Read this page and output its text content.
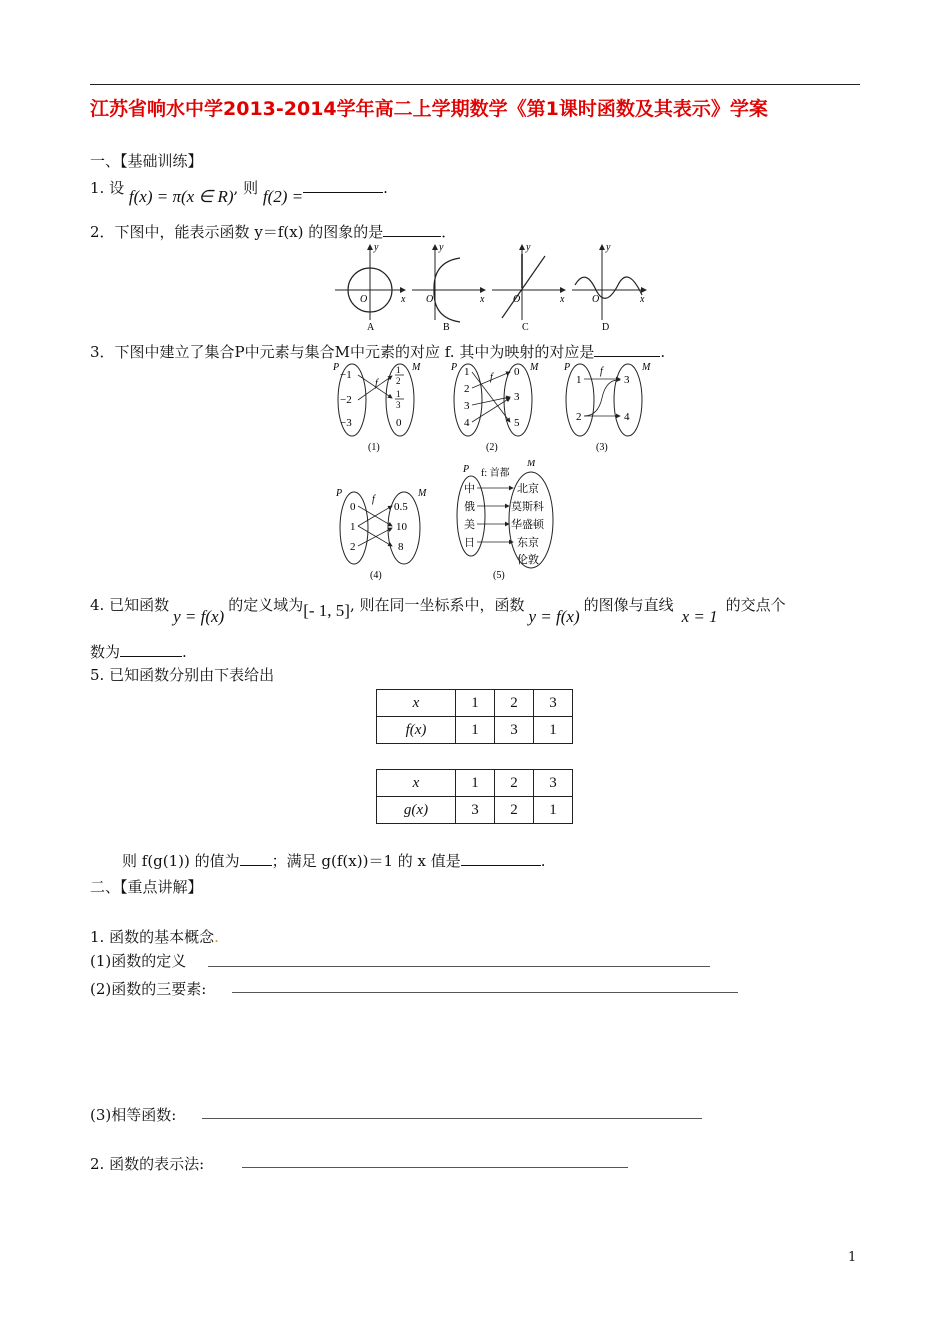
江苏省响水中学2013-2014学年高二上学期数学《第1课时函数及其表示》学案
一、【基础训练】
1. 设 f(x) = π(x ∈ R), 则 f(2) =	.
2．下图中，能表示函数 y＝f(x) 的图象的是	．
O	x
y
A
O	x
y
B
O	x
y
C
O	x
y
D
3．下图中建立了集合P中元素与集合M中元素的对应 f. 其中为映射的对应是	.
P	M
−1
−2
−3
1
2
1
3
0
f
(1)
P	M
1
2
3
4
0
3
5
f
(2)
P	M
1
2
3
4
f
(3)
P	M
0
1
2
0.5
10
8
f
(4)
P
M
f: 首都
中
俄
美
日
北京
莫斯科
华盛顿
东京
伦敦
(5)
4. 已知函数y = f(x)的定义域为[- 1, 5], 则在同一坐标系中，函数y = f(x)的图像与直线x = 1的交点个
数为	.
5. 已知函数分别由下表给出
x	1	2	3
f(x)	1	3	1
x	1	2	3
g(x)	3	2	1
则 f(g(1)) 的值为 ；满足 g(f(x))＝1 的 x 值是	.
二、【重点讲解】
1. 函数的基本概念.
(1)函数的定义
(2)函数的三要素:
(3)相等函数:
2. 函数的表示法:
1
